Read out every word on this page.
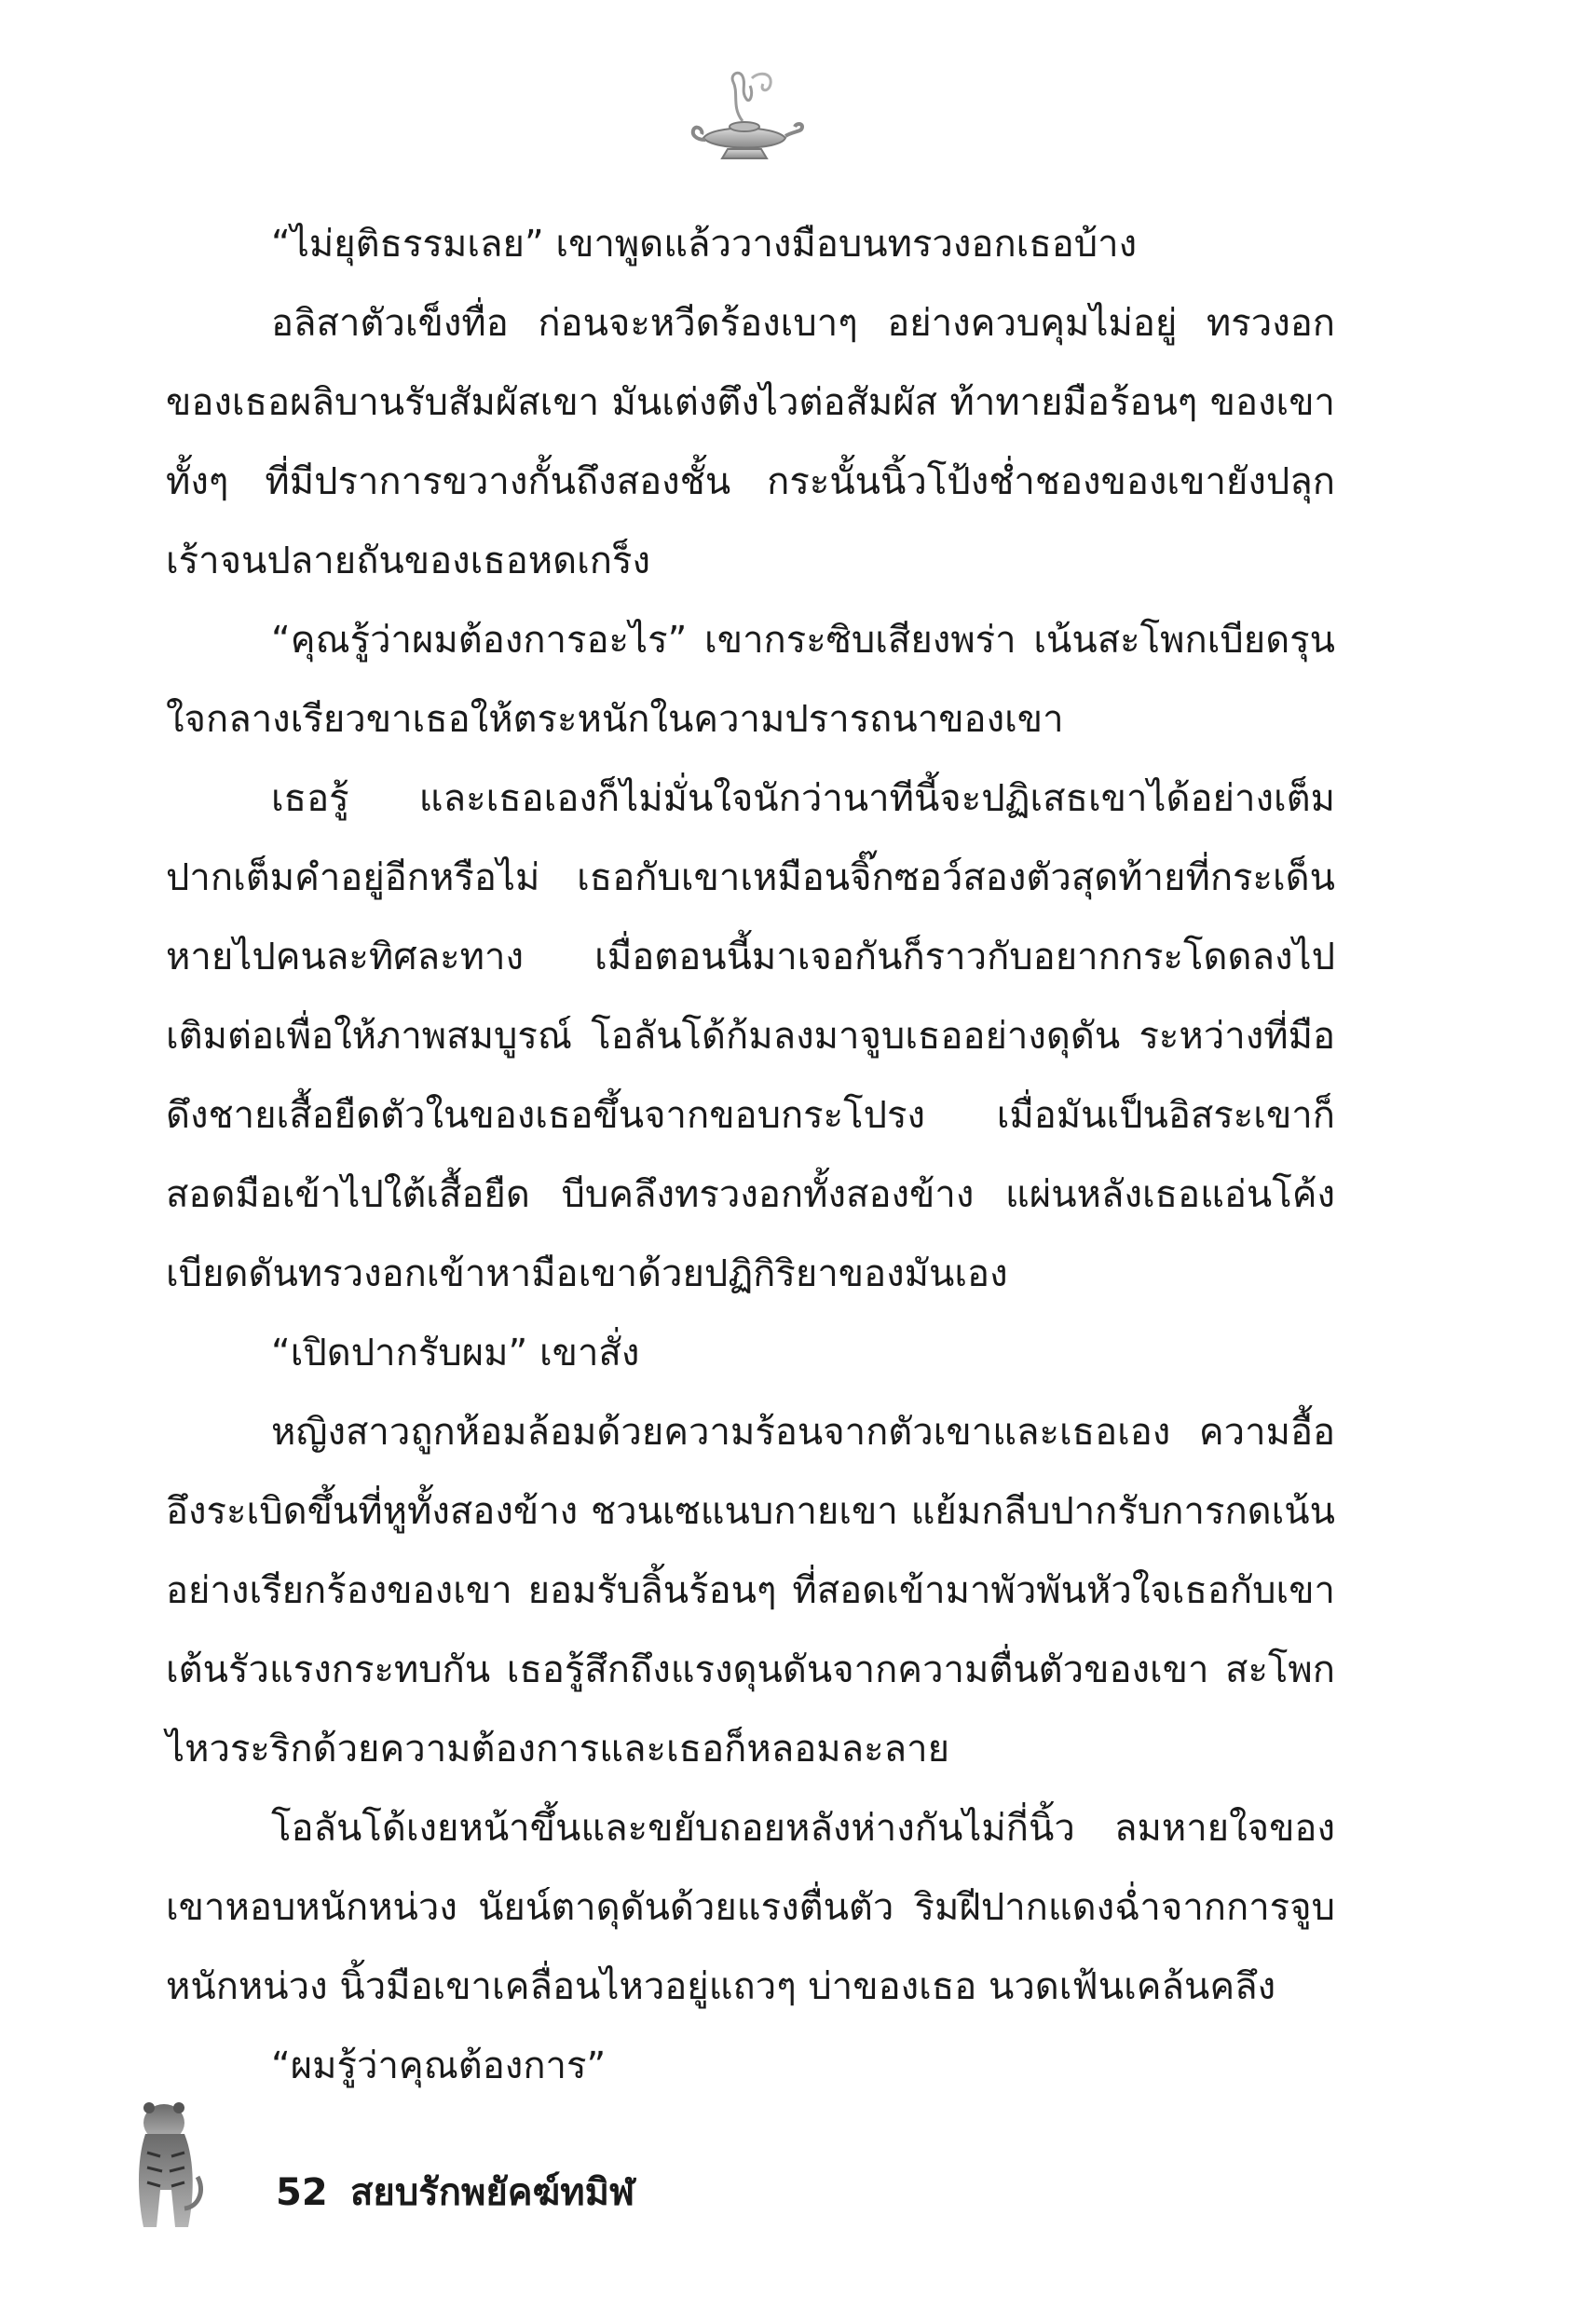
“ไม่ยุติธรรมเลย” เขาพูดแล้ววางมือบนทรวงอกเธอบ้าง

อลิสาตัวเข็งทื่อ ก่อนจะหวีดร้องเบาๆ อย่างควบคุมไม่อยู่ ทรวงอกของเธอผลิบานรับสัมผัสเขา มันเต่งตึงไวต่อสัมผัส ท้าทายมือร้อนๆ ของเขาทั้งๆ ที่มีปราการขวางกั้นถึงสองชั้น กระนั้นนิ้วโป้งช่ำชองของเขายังปลุกเร้าจนปลายถันของเธอหดเกร็ง

“คุณรู้ว่าผมต้องการอะไร” เขากระซิบเสียงพร่า เน้นสะโพกเบียดรุนใจกลางเรียวขาเธอให้ตระหนักในความปรารถนาของเขา

เธอรู้ และเธอเองก็ไม่มั่นใจนักว่านาทีนี้จะปฏิเสธเขาได้อย่างเต็มปากเต็มคำอยู่อีกหรือไม่ เธอกับเขาเหมือนจิ๊กซอว์สองตัวสุดท้ายที่กระเด็นหายไปคนละทิศละทาง เมื่อตอนนี้มาเจอกันก็ราวกับอยากกระโดดลงไปเติมต่อเพื่อให้ภาพสมบูรณ์ โอลันโด้ก้มลงมาจูบเธออย่างดุดัน ระหว่างที่มือดึงชายเสื้อยืดตัวในของเธอขึ้นจากขอบกระโปรง เมื่อมันเป็นอิสระเขาก็สอดมือเข้าไปใต้เสื้อยืด บีบคลึงทรวงอกทั้งสองข้าง แผ่นหลังเธอแอ่นโค้งเบียดดันทรวงอกเข้าหามือเขาด้วยปฏิกิริยาของมันเอง

“เปิดปากรับผม” เขาสั่ง

หญิงสาวถูกห้อมล้อมด้วยความร้อนจากตัวเขาและเธอเอง ความอื้ออึงระเบิดขึ้นที่หูทั้งสองข้าง ชวนเซแนบกายเขา แย้มกลีบปากรับการกดเน้นอย่างเรียกร้องของเขา ยอมรับลิ้นร้อนๆ ที่สอดเข้ามาพัวพันหัวใจเธอกับเขาเต้นรัวแรงกระทบกัน เธอรู้สึกถึงแรงดุนดันจากความตื่นตัวของเขา สะโพกไหวระริกด้วยความต้องการและเธอก็หลอมละลาย

โอลันโด้เงยหน้าขึ้นและขยับถอยหลังห่างกันไม่กี่นิ้ว ลมหายใจของเขาหอบหนักหน่วง นัยน์ตาดุดันด้วยแรงตื่นตัว ริมฝีปากแดงฉ่ำจากการจูบหนักหน่วง นิ้วมือเขาเคลื่อนไหวอยู่แถวๆ บ่าของเธอ นวดเฟ้นเคล้นคลึง

“ผมรู้ว่าคุณต้องการ”

52 สยบรักพยัคฆ์ทมิฬ
